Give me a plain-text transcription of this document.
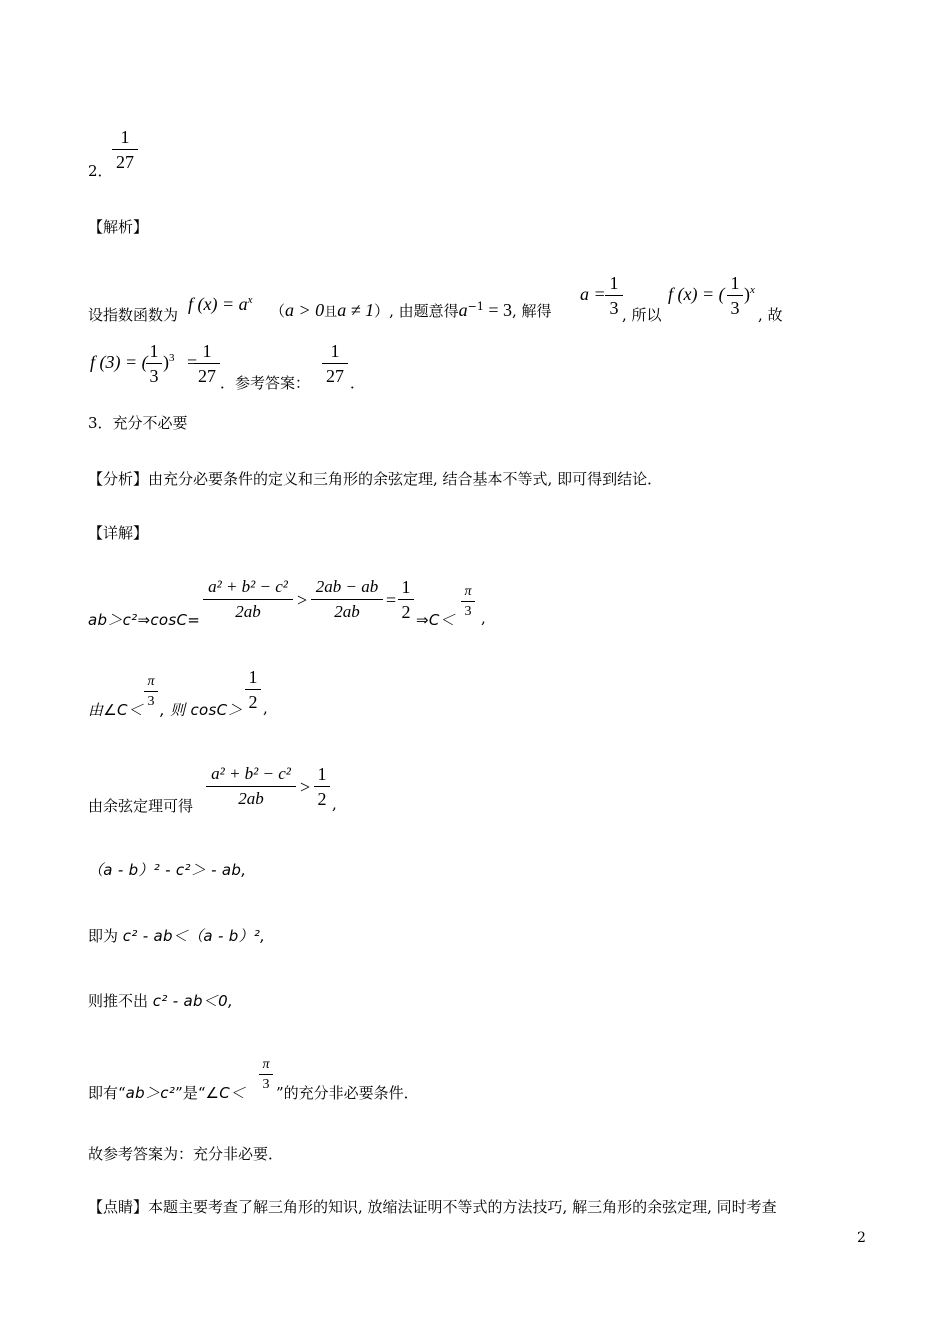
2．
1
27
【解析】
设指数函数为
f $(x) = a^x$
（a > 0且a ≠ 1）, 由题意得$a^{-1} = 3$, 解得
a =
1
3 , 所以
f (x) = (
1
3
)$^x$
, 故
f (3) = (
1
3
)$^3$ =
1
27 ．参考答案：
1
27 ．
3．充分不必要
【分析】由充分必要条件的定义和三角形的余弦定理, 结合基本不等式, 即可得到结论．
【详解】
ab＞c²⇒cosC=
a² + b² − c²
2ab
>
2ab − ab
2ab
=
1
2 ⇒C＜
π
3 ,
由∠C＜
π
3 , 则 cosC＞
1
2 ,
由余弦定理可得
a² + b² − c²
2ab
>
1
2 ,
（a - b）² - c²＞ - ab,
即为 c² - ab＜（a - b）²,
则推不出 c² - ab＜0,
即有“ab＞c²”是“∠C＜
π
3 ”的充分非必要条件．
故参考答案为：充分非必要．
【点睛】本题主要考查了解三角形的知识, 放缩法证明不等式的方法技巧, 解三角形的余弦定理, 同时考查
2
